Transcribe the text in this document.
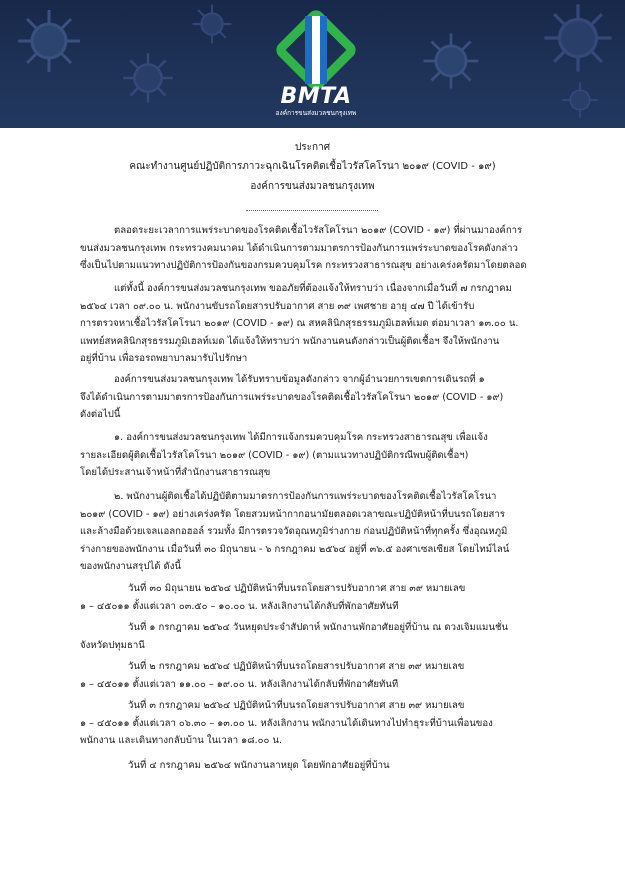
BMTA
องค์การขนส่งมวลชนกรุงเทพ
ประกาศ
คณะทำงานศูนย์ปฏิบัติการภาวะฉุกเฉินโรคติดเชื้อไวรัสโคโรนา ๒๐๑๙ (COVID - ๑๙)
องค์การขนส่งมวลชนกรุงเทพ
ตลอดระยะเวลาการแพร่ระบาดของโรคติดเชื้อไวรัสโคโรนา ๒๐๑๙ (COVID - ๑๙) ที่ผ่านมาองค์การ
ขนส่งมวลชนกรุงเทพ กระทรวงคมนาคม ได้ดำเนินการตามมาตรการป้องกันการแพร่ระบาดของโรคดังกล่าว
ซึ่งเป็นไปตามแนวทางปฏิบัติการป้องกันของกรมควบคุมโรค กระทรวงสาธารณสุข อย่างเคร่งครัดมาโดยตลอด
แต่ทั้งนี้ องค์การขนส่งมวลชนกรุงเทพ ขออภัยที่ต้องแจ้งให้ทราบว่า เนื่องจากเมื่อวันที่ ๗ กรกฎาคม
๒๕๖๔ เวลา ๐๙.๐๐ น. พนักงานขับรถโดยสารปรับอากาศ สาย ๓๙ เพศชาย อายุ ๔๗ ปี ได้เข้ารับ
การตรวจหาเชื้อไวรัสโคโรนา ๒๐๑๙ (COVID - ๑๙) ณ สหคลินิกสุรธรรมภูมิเฮลท์เมด ต่อมาเวลา ๑๓.๐๐ น.
แพทย์สหคลินิกสุรธรรมภูมิเฮลท์เมด ได้แจ้งให้ทราบว่า พนักงานคนดังกล่าวเป็นผู้ติดเชื้อฯ จึงให้พนักงาน
อยู่ที่บ้าน เพื่อรอรถพยาบาลมารับไปรักษา
องค์การขนส่งมวลชนกรุงเทพ ได้รับทราบข้อมูลดังกล่าว จากผู้อำนวยการเขตการเดินรถที่ ๑
จึงได้ดำเนินการตามมาตรการป้องกันการแพร่ระบาดของโรคติดเชื้อไวรัสโคโรนา ๒๐๑๙ (COVID - ๑๙)
ดังต่อไปนี้
๑. องค์การขนส่งมวลชนกรุงเทพ ได้มีการแจ้งกรมควบคุมโรค กระทรวงสาธารณสุข เพื่อแจ้ง
รายละเอียดผู้ติดเชื้อไวรัสโคโรนา ๒๐๑๙ (COVID - ๑๙) (ตามแนวทางปฏิบัติกรณีพบผู้ติดเชื้อฯ)
โดยได้ประสานเจ้าหน้าที่สำนักงานสาธารณสุข
๒. พนักงานผู้ติดเชื้อได้ปฏิบัติตามมาตรการป้องกันการแพร่ระบาดของโรคติดเชื้อไวรัสโคโรนา
๒๐๑๙ (COVID - ๑๙) อย่างเคร่งครัด โดยสวมหน้ากากอนามัยตลอดเวลาขณะปฏิบัติหน้าที่บนรถโดยสาร
และล้างมือด้วยเจลแอลกอฮอล์ รวมทั้ง มีการตรวจวัดอุณหภูมิร่างกาย ก่อนปฏิบัติหน้าที่ทุกครั้ง ซึ่งอุณหภูมิ
ร่างกายของพนักงาน เมื่อวันที่ ๓๐ มิถุนายน - ๖ กรกฎาคม ๒๕๖๔ อยู่ที่ ๓๖.๕ องศาเซลเซียส โดยไทม์ไลน์
ของพนักงานสรุปได้ ดังนี้
วันที่ ๓๐ มิถุนายน ๒๕๖๔ ปฏิบัติหน้าที่บนรถโดยสารปรับอากาศ สาย ๓๙ หมายเลข
๑ – ๔๕๐๑๑ ตั้งแต่เวลา ๐๓.๕๐ – ๑๐.๐๐ น. หลังเลิกงานได้กลับที่พักอาศัยทันที
วันที่ ๑ กรกฎาคม ๒๕๖๔ วันหยุดประจำสัปดาห์ พนักงานพักอาศัยอยู่ที่บ้าน ณ ดวงเจิมแมนชั่น
จังหวัดปทุมธานี
วันที่ ๒ กรกฎาคม ๒๕๖๔ ปฏิบัติหน้าที่บนรถโดยสารปรับอากาศ สาย ๓๙ หมายเลข
๑ – ๔๕๐๑๑ ตั้งแต่เวลา ๑๑.๐๐ – ๑๙.๐๐ น. หลังเลิกงานได้กลับที่พักอาศัยทันที
วันที่ ๓ กรกฎาคม ๒๕๖๔ ปฏิบัติหน้าที่บนรถโดยสารปรับอากาศ สาย ๓๙ หมายเลข
๑ – ๔๕๐๑๑ ตั้งแต่เวลา ๐๖.๓๐ – ๑๓.๐๐ น. หลังเลิกงาน พนักงานได้เดินทางไปทำธุระที่บ้านเพื่อนของ
พนักงาน และเดินทางกลับบ้าน ในเวลา ๑๘.๐๐ น.
วันที่ ๔ กรกฎาคม ๒๕๖๔ พนักงานลาหยุด โดยพักอาศัยอยู่ที่บ้าน
